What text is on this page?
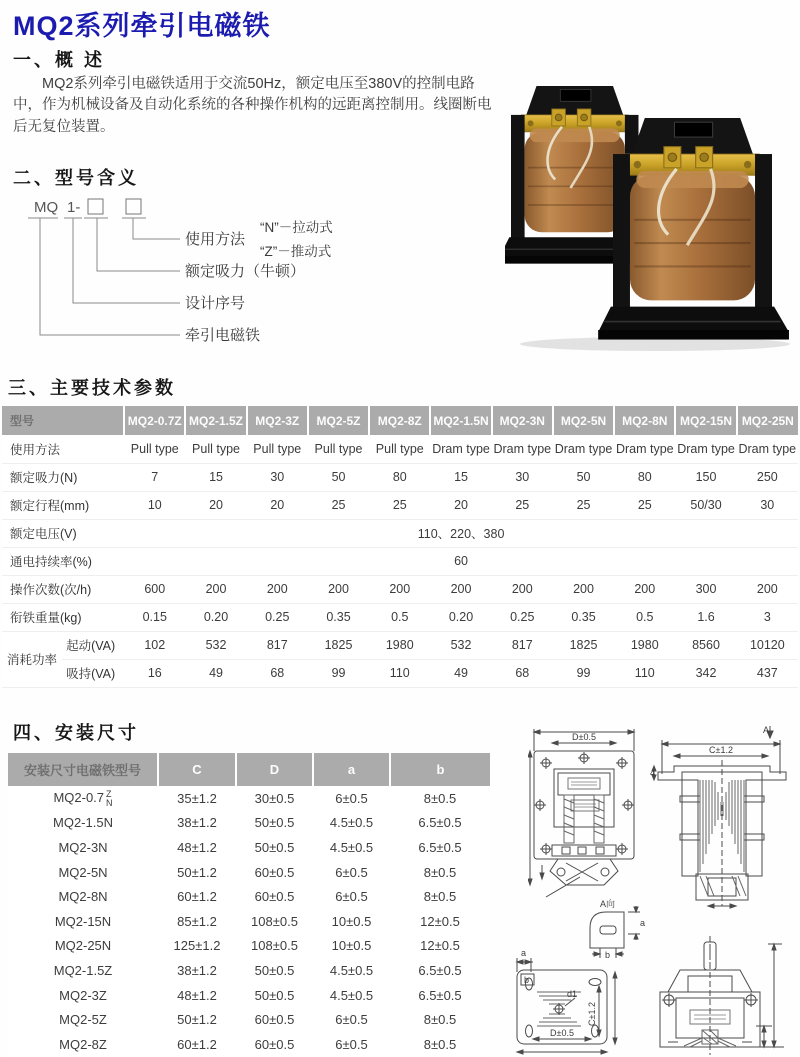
MQ2系列牵引电磁铁
一、概 述

MQ2系列牵引电磁铁适用于交流50Hz，额定电压至380V的控制电路中，作为机械设备及自动化系统的各种操作机构的远距离控制用。线圈断电后无复位装置。

二、型号含义
MQ 1-
使用方法
“N”－拉动式
“Z”－推动式
额定吸力（牛顿）
设计序号
牵引电磁铁
三、主要技术参数
型号		MQ2-0.7Z	MQ2-1.5Z	MQ2-3Z	MQ2-5Z	MQ2-8Z	MQ2-1.5N	MQ2-3N	MQ2-5N	MQ2-8N	MQ2-15N	MQ2-25N
使用方法		Pull type	Pull type	Pull type	Pull type	Pull type	Dram type	Dram type	Dram type	Dram type	Dram type	Dram type
额定吸力(N)		7	15	30	50	80	15	30	50	80	150	250
额定行程(mm)		10	20	20	25	25	20	25	25	25	50/30	30
额定电压(V)		110、220、380										
通电持续率(%)		60										
操作次数(次/h)		600	200	200	200	200	200	200	200	200	300	200
衔铁重量(kg)		0.15	0.20	0.25	0.35	0.5	0.20	0.25	0.35	0.5	1.6	3
消耗功率	起动(VA)	102	532	817	1825	1980	532	817	1825	1980	8560	10120
	吸持(VA)	16	49	68	99	110	49	68	99	110	342	437
四、安装尺寸
安装尺寸电磁铁型号	C	D	a	b
MQ2-0.7 Z
N	35±1.2	30±0.5	6±0.5	8±0.5
MQ2-1.5N	38±1.2	50±0.5	4.5±0.5	6.5±0.5
MQ2-3N	48±1.2	50±0.5	4.5±0.5	6.5±0.5
MQ2-5N	50±1.2	60±0.5	6±0.5	8±0.5
MQ2-8N	60±1.2	60±0.5	6±0.5	8±0.5
MQ2-15N	85±1.2	108±0.5	10±0.5	12±0.5
MQ2-25N	125±1.2	108±0.5	10±0.5	12±0.5
MQ2-1.5Z	38±1.2	50±0.5	4.5±0.5	6.5±0.5
MQ2-3Z	48±1.2	50±0.5	4.5±0.5	6.5±0.5
MQ2-5Z	50±1.2	60±0.5	6±0.5	8±0.5
MQ2-8Z	60±1.2	60±0.5	6±0.5	8±0.5
D±0.5
A
C±1.2
4
A向
a
b
a
b
d1
C±1.2
D±0.5
